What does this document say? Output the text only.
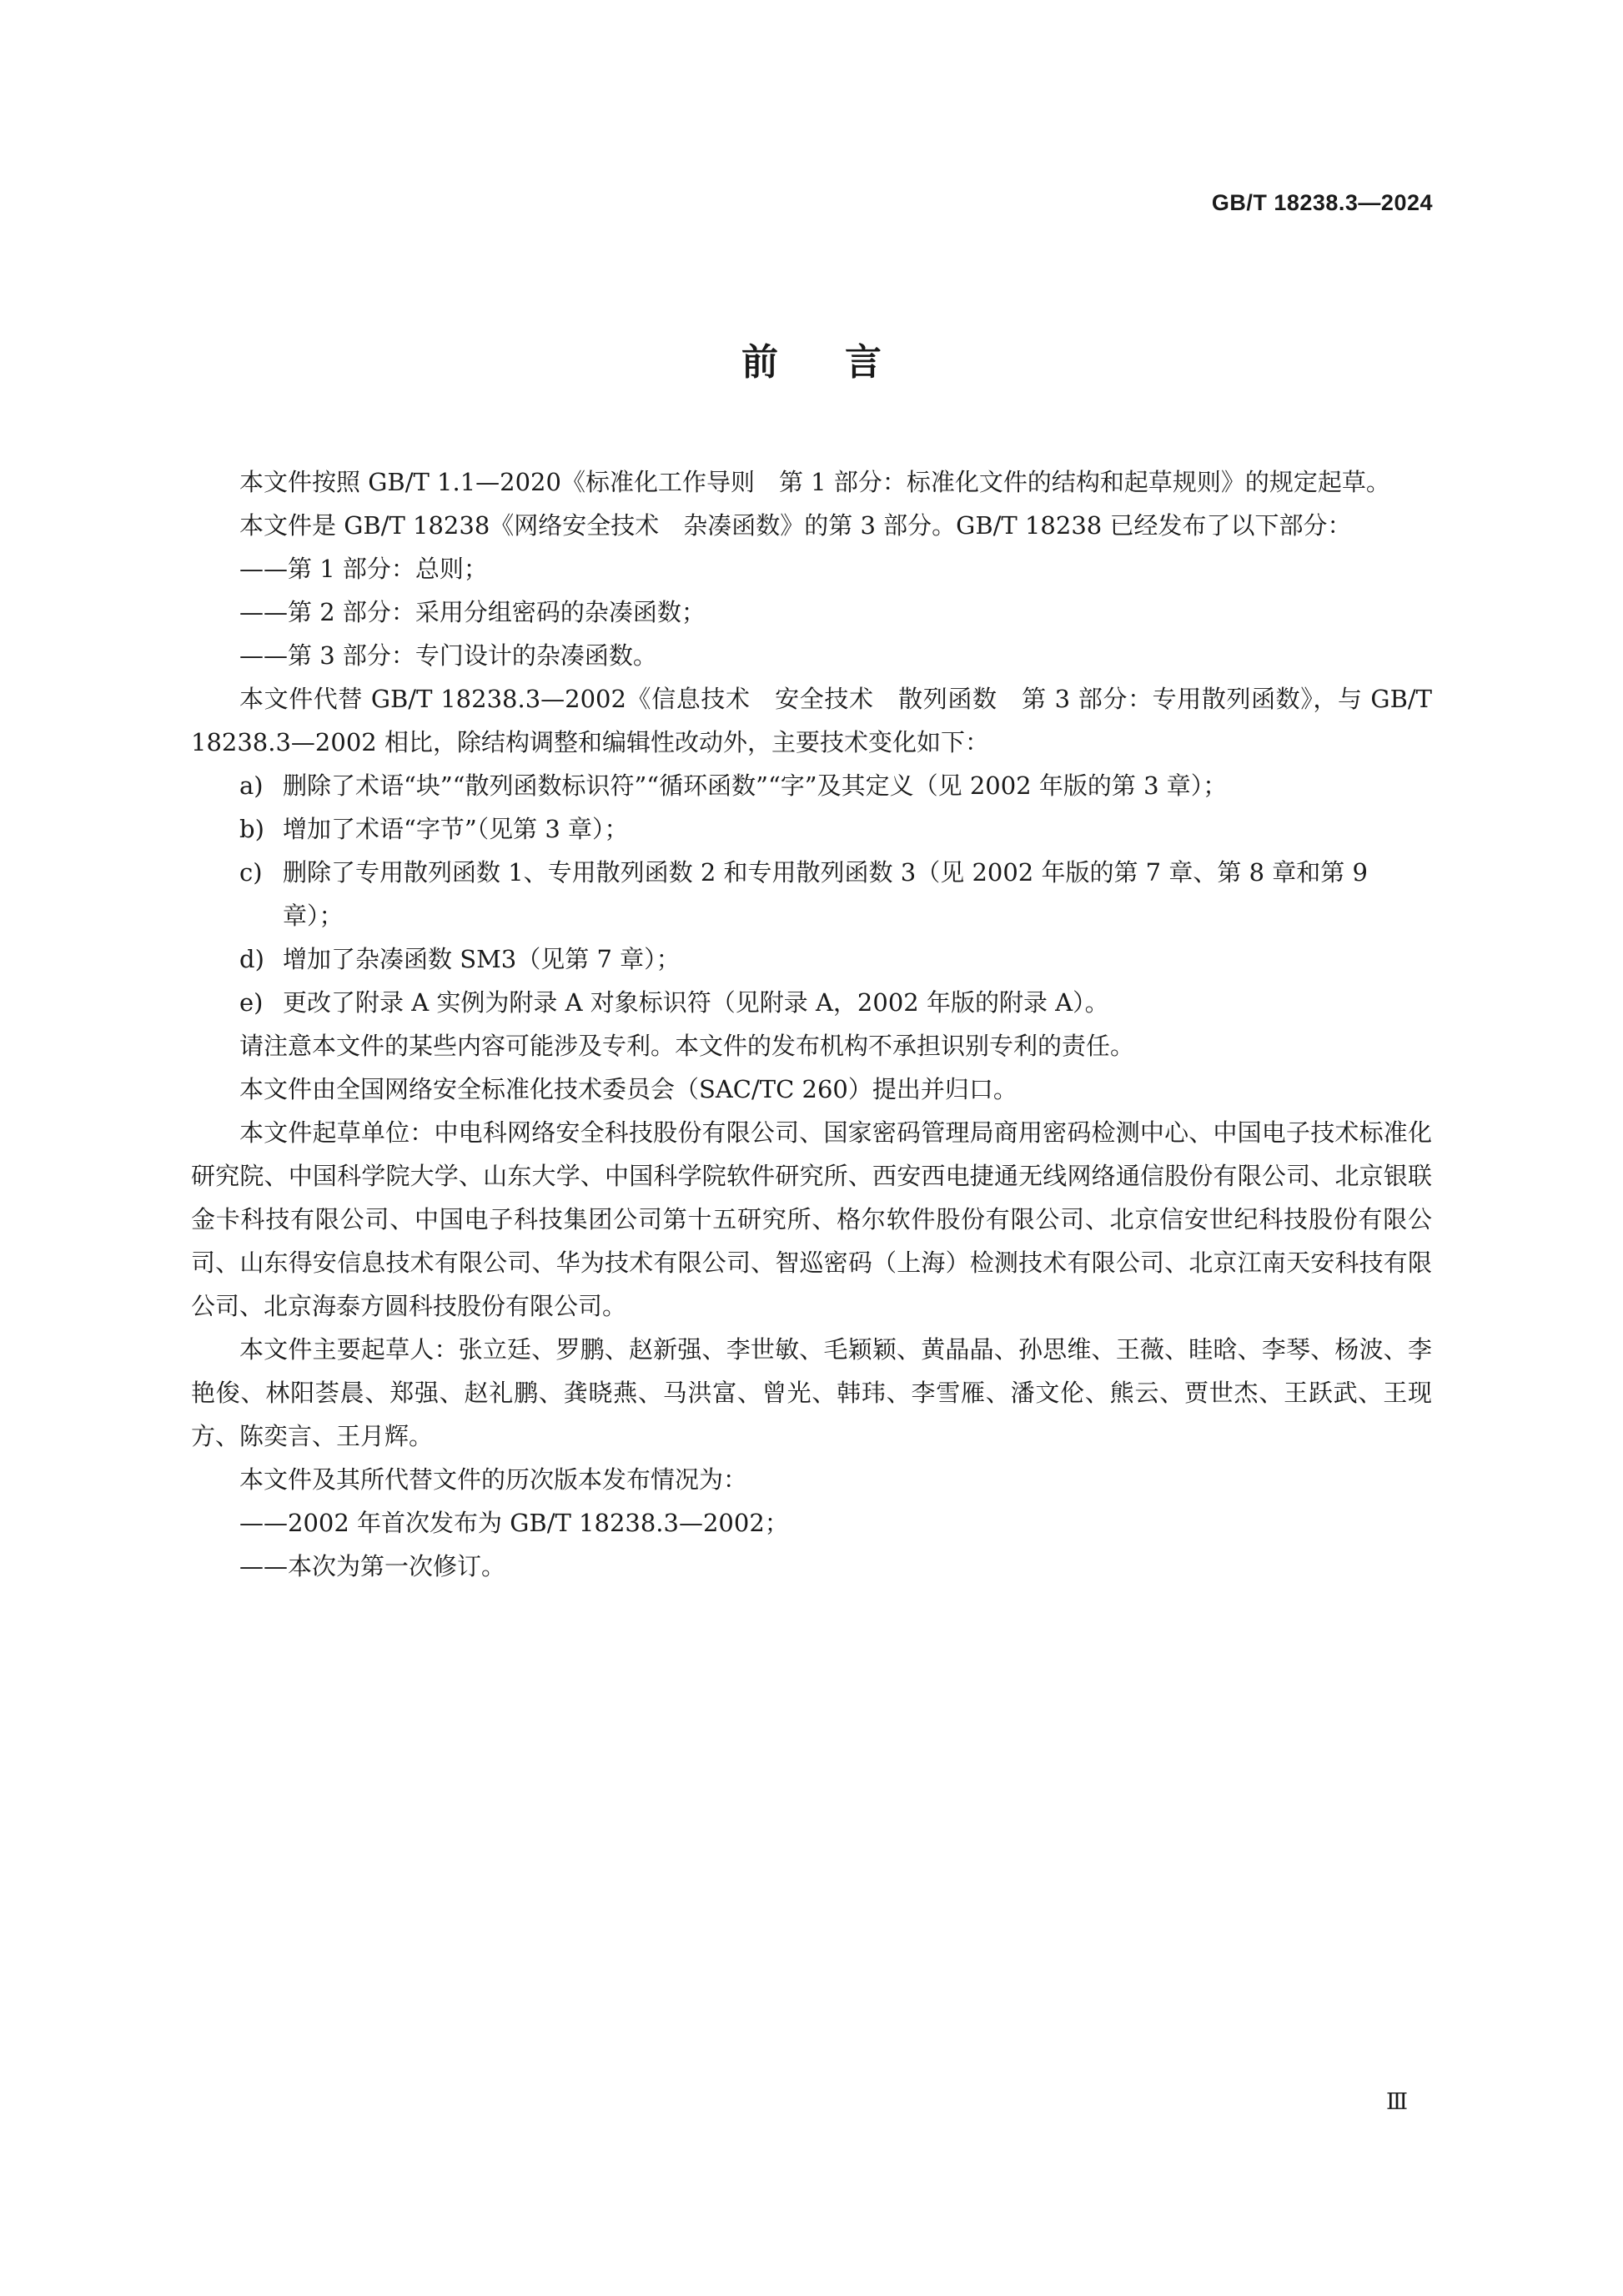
GB/T 18238.3—2024
前 言

本文件按照 GB/T 1.1—2020《标准化工作导则　第 1 部分：标准化文件的结构和起草规则》的规定起草。

本文件是 GB/T 18238《网络安全技术　杂凑函数》的第 3 部分。GB/T 18238 已经发布了以下部分：

——第 1 部分：总则；

——第 2 部分：采用分组密码的杂凑函数；

——第 3 部分：专门设计的杂凑函数。

本文件代替 GB/T 18238.3—2002《信息技术　安全技术　散列函数　第 3 部分：专用散列函数》，与 GB/T 18238.3—2002 相比，除结构调整和编辑性改动外，主要技术变化如下：

a) 删除了术语“块”“散列函数标识符”“循环函数”“字”及其定义（见 2002 年版的第 3 章）；

b) 增加了术语“字节”（见第 3 章）；

c) 删除了专用散列函数 1、专用散列函数 2 和专用散列函数 3（见 2002 年版的第 7 章、第 8 章和第 9 章）；

d) 增加了杂凑函数 SM3（见第 7 章）；

e) 更改了附录 A 实例为附录 A 对象标识符（见附录 A，2002 年版的附录 A）。

请注意本文件的某些内容可能涉及专利。本文件的发布机构不承担识别专利的责任。

本文件由全国网络安全标准化技术委员会（SAC/TC 260）提出并归口。

本文件起草单位：中电科网络安全科技股份有限公司、国家密码管理局商用密码检测中心、中国电子技术标准化研究院、中国科学院大学、山东大学、中国科学院软件研究所、西安西电捷通无线网络通信股份有限公司、北京银联金卡科技有限公司、中国电子科技集团公司第十五研究所、格尔软件股份有限公司、北京信安世纪科技股份有限公司、山东得安信息技术有限公司、华为技术有限公司、智巡密码（上海）检测技术有限公司、北京江南天安科技有限公司、北京海泰方圆科技股份有限公司。

本文件主要起草人：张立廷、罗鹏、赵新强、李世敏、毛颖颖、黄晶晶、孙思维、王薇、眭晗、李琴、杨波、李艳俊、林阳荟晨、郑强、赵礼鹏、龚晓燕、马洪富、曾光、韩玮、李雪雁、潘文伦、熊云、贾世杰、王跃武、王现方、陈奕言、王月辉。

本文件及其所代替文件的历次版本发布情况为：

——2002 年首次发布为 GB/T 18238.3—2002；

——本次为第一次修订。

Ⅲ
